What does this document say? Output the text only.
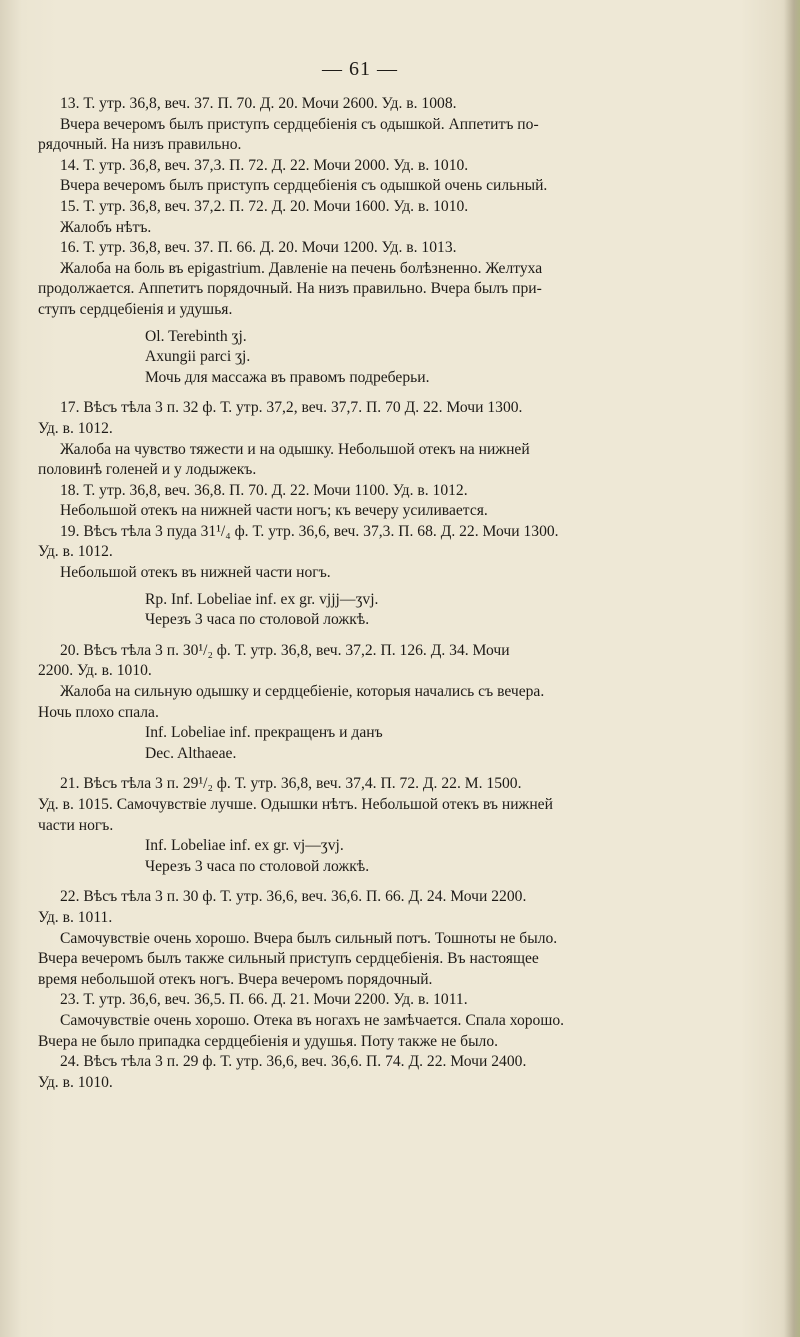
— 61 —
13. Т. утр. 36,8, веч. 37. П. 70. Д. 20. Мочи 2600. Уд. в. 1008.
Вчера вечеромъ былъ приступъ сердцебіенія съ одышкой. Аппетитъ по-
рядочный. На низъ правильно.
14. Т. утр. 36,8, веч. 37,3. П. 72. Д. 22. Мочи 2000. Уд. в. 1010.
Вчера вечеромъ былъ приступъ сердцебіенія съ одышкой очень сильный.
15. Т. утр. 36,8, веч. 37,2. П. 72. Д. 20. Мочи 1600. Уд. в. 1010.
Жалобъ нѣтъ.
16. Т. утр. 36,8, веч. 37. П. 66. Д. 20. Мочи 1200. Уд. в. 1013.
Жалоба на боль въ epigastrium. Давленіе на печень болѣзненно. Желтуха
продолжается. Аппетитъ порядочный. На низъ правильно. Вчера былъ при-
ступъ сердцебіенія и удушья.
Ol. Terebinth ʒj.
Axungii parci ʒj.
Мочь для массажа въ правомъ подреберьи.
17. Вѣсъ тѣла 3 п. 32 ф. Т. утр. 37,2, веч. 37,7. П. 70 Д. 22. Мочи 1300.
Уд. в. 1012.
Жалоба на чувство тяжести и на одышку. Небольшой отекъ на нижней
половинѣ голеней и у лодыжекъ.
18. Т. утр. 36,8, веч. 36,8. П. 70. Д. 22. Мочи 1100. Уд. в. 1012.
Небольшой отекъ на нижней части ногъ; къ вечеру усиливается.
19. Вѣсъ тѣла 3 пуда 31¹/₄ ф. Т. утр. 36,6, веч. 37,3. П. 68. Д. 22. Мочи 1300.
Уд. в. 1012.
Небольшой отекъ въ нижней части ногъ.
Rp. Inf. Lobeliae inf. ex gr. vjjj—ʒvj.
Черезъ 3 часа по столовой ложкѣ.
20. Вѣсъ тѣла 3 п. 30¹/₂ ф. Т. утр. 36,8, веч. 37,2. П. 126. Д. 34. Мочи
2200. Уд. в. 1010.
Жалоба на сильную одышку и сердцебіеніе, которыя начались съ вечера.
Ночь плохо спала.
Inf. Lobeliae inf. прекращенъ и данъ
Dec. Althaeae.
21. Вѣсъ тѣла 3 п. 29¹/₂ ф. Т. утр. 36,8, веч. 37,4. П. 72. Д. 22. М. 1500.
Уд. в. 1015. Самочувствіе лучше. Одышки нѣтъ. Небольшой отекъ въ нижней
части ногъ.
Inf. Lobeliae inf. ex gr. vj—ʒvj.
Черезъ 3 часа по столовой ложкѣ.
22. Вѣсъ тѣла 3 п. 30 ф. Т. утр. 36,6, веч. 36,6. П. 66. Д. 24. Мочи 2200.
Уд. в. 1011.
Самочувствіе очень хорошо. Вчера былъ сильный потъ. Тошноты не было.
Вчера вечеромъ былъ также сильный приступъ сердцебіенія. Въ настоящее
время небольшой отекъ ногъ. Вчера вечеромъ порядочный.
23. Т. утр. 36,6, веч. 36,5. П. 66. Д. 21. Мочи 2200. Уд. в. 1011.
Самочувствіе очень хорошо. Отека въ ногахъ не замѣчается. Спала хорошо.
Вчера не было припадка сердцебіенія и удушья. Поту также не было.
24. Вѣсъ тѣла 3 п. 29 ф. Т. утр. 36,6, веч. 36,6. П. 74. Д. 22. Мочи 2400.
Уд. в. 1010.
